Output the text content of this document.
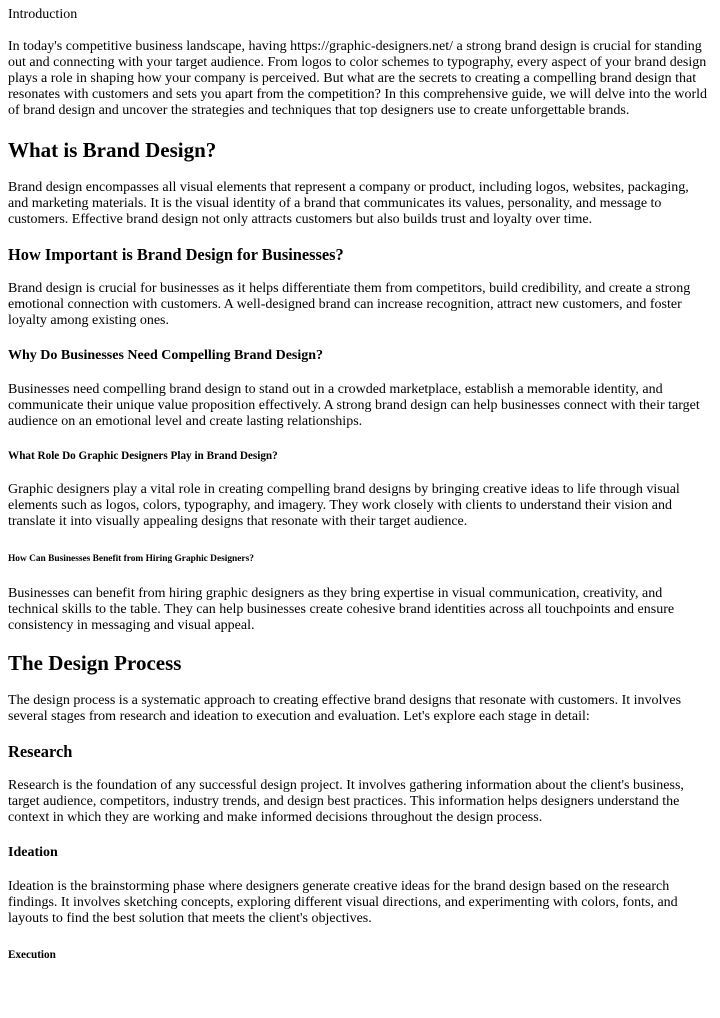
Introduction

In today's competitive business landscape, having https://graphic-designers.net/ a strong brand design is crucial for standing out and connecting with your target audience. From logos to color schemes to typography, every aspect of your brand design plays a role in shaping how your company is perceived. But what are the secrets to creating a compelling brand design that resonates with customers and sets you apart from the competition? In this comprehensive guide, we will delve into the world of brand design and uncover the strategies and techniques that top designers use to create unforgettable brands.

What is Brand Design?

Brand design encompasses all visual elements that represent a company or product, including logos, websites, packaging, and marketing materials. It is the visual identity of a brand that communicates its values, personality, and message to customers. Effective brand design not only attracts customers but also builds trust and loyalty over time.

How Important is Brand Design for Businesses?

Brand design is crucial for businesses as it helps differentiate them from competitors, build credibility, and create a strong emotional connection with customers. A well-designed brand can increase recognition, attract new customers, and foster loyalty among existing ones.

Why Do Businesses Need Compelling Brand Design?

Businesses need compelling brand design to stand out in a crowded marketplace, establish a memorable identity, and communicate their unique value proposition effectively. A strong brand design can help businesses connect with their target audience on an emotional level and create lasting relationships.

What Role Do Graphic Designers Play in Brand Design?

Graphic designers play a vital role in creating compelling brand designs by bringing creative ideas to life through visual elements such as logos, colors, typography, and imagery. They work closely with clients to understand their vision and translate it into visually appealing designs that resonate with their target audience.

How Can Businesses Benefit from Hiring Graphic Designers?

Businesses can benefit from hiring graphic designers as they bring expertise in visual communication, creativity, and technical skills to the table. They can help businesses create cohesive brand identities across all touchpoints and ensure consistency in messaging and visual appeal.

The Design Process

The design process is a systematic approach to creating effective brand designs that resonate with customers. It involves several stages from research and ideation to execution and evaluation. Let's explore each stage in detail:

Research

Research is the foundation of any successful design project. It involves gathering information about the client's business, target audience, competitors, industry trends, and design best practices. This information helps designers understand the context in which they are working and make informed decisions throughout the design process.

Ideation

Ideation is the brainstorming phase where designers generate creative ideas for the brand design based on the research findings. It involves sketching concepts, exploring different visual directions, and experimenting with colors, fonts, and layouts to find the best solution that meets the client's objectives.

Execution
